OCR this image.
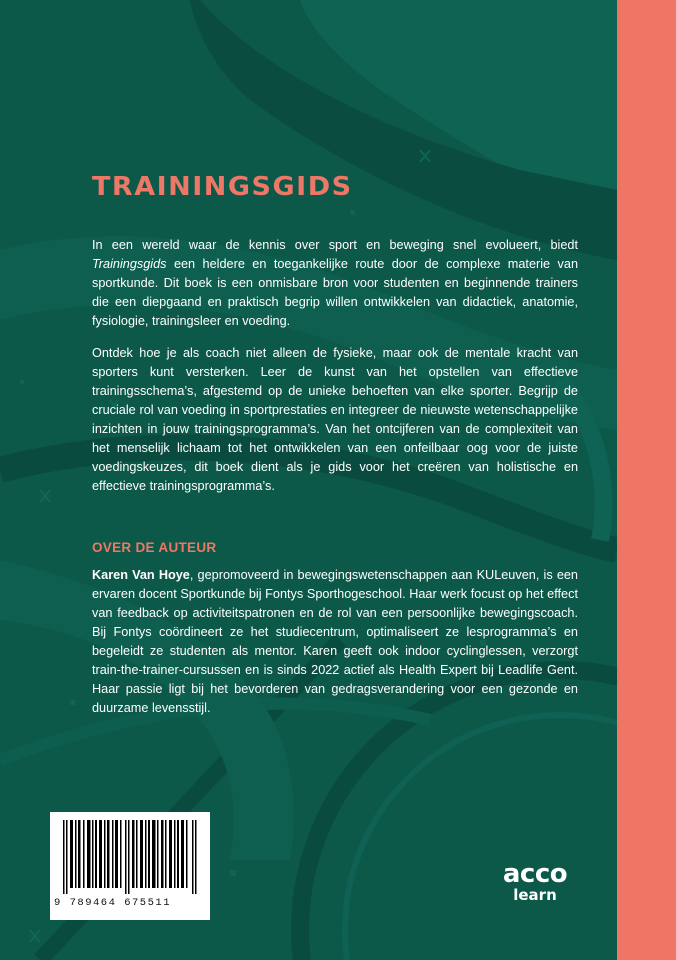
TRAININGSGIDS

In een wereld waar de kennis over sport en beweging snel evolueert, biedt Trainingsgids een heldere en toegankelijke route door de complexe materie van sportkunde. Dit boek is een onmisbare bron voor studenten en beginnende trainers die een diepgaand en praktisch begrip willen ontwikkelen van didactiek, anatomie, fysiologie, trainingsleer en voeding.

Ontdek hoe je als coach niet alleen de fysieke, maar ook de mentale kracht van sporters kunt versterken. Leer de kunst van het opstellen van effectieve trainingsschema’s, afgestemd op de unieke behoeften van elke sporter. Begrijp de cruciale rol van voeding in sportprestaties en integreer de nieuwste wetenschappelijke inzichten in jouw trainingsprogramma’s. Van het ontcijferen van de complexiteit van het menselijk lichaam tot het ontwikkelen van een onfeilbaar oog voor de juiste voedingskeuzes, dit boek dient als je gids voor het creëren van holistische en effectieve trainingsprogramma’s.

OVER DE AUTEUR

Karen Van Hoye, gepromoveerd in bewegingswetenschappen aan KULeuven, is een ervaren docent Sportkunde bij Fontys Sporthogeschool. Haar werk focust op het effect van feedback op activiteitspatronen en de rol van een persoonlijke bewegingscoach. Bij Fontys coördineert ze het studiecentrum, optimaliseert ze lesprogramma’s en begeleidt ze studenten als mentor. Karen geeft ook indoor cyclinglessen, verzorgt train-the-trainer-cursussen en is sinds 2022 actief als Health Expert bij Leadlife Gent. Haar passie ligt bij het bevorderen van gedragsverandering voor een gezonde en duurzame levensstijl.

9 789464 675511
acco
learn
